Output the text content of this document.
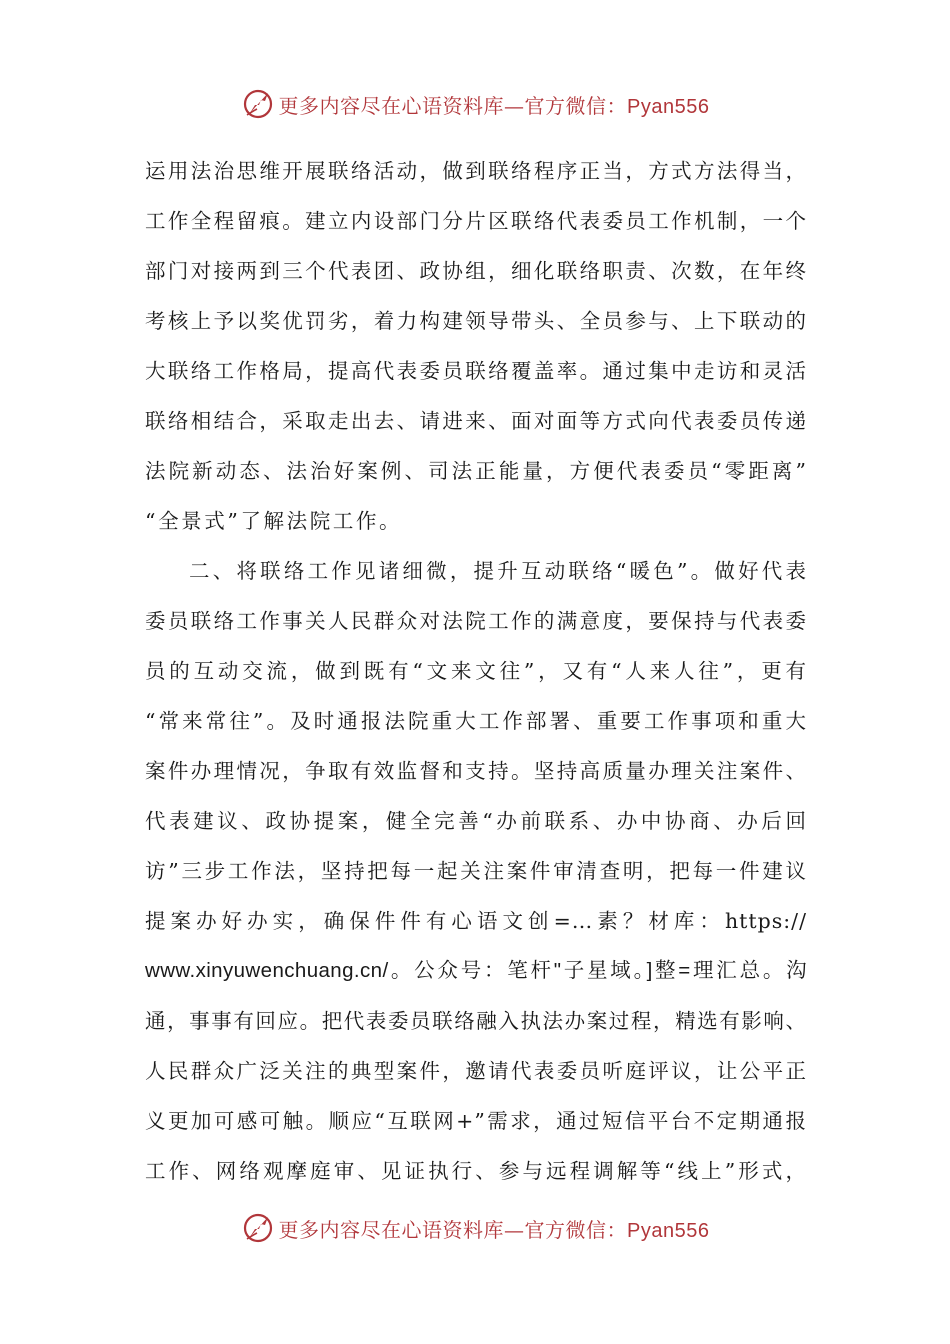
更多内容尽在心语资料库—官方微信：Pyan556
运用法治思维开展联络活动，做到联络程序正当，方式方法得当，
工作全程留痕。建立内设部门分片区联络代表委员工作机制，一个
部门对接两到三个代表团、政协组，细化联络职责、次数，在年终
考核上予以奖优罚劣，着力构建领导带头、全员参与、上下联动的
大联络工作格局，提高代表委员联络覆盖率。通过集中走访和灵活
联络相结合，采取走出去、请进来、面对面等方式向代表委员传递
法院新动态、法治好案例、司法正能量，方便代表委员“零距离”
“全景式”了解法院工作。
二、将联络工作见诸细微，提升互动联络“暖色”。做好代表
委员联络工作事关人民群众对法院工作的满意度，要保持与代表委
员的互动交流，做到既有“文来文往”，又有“人来人往”，更有
“常来常往”。及时通报法院重大工作部署、重要工作事项和重大
案件办理情况，争取有效监督和支持。坚持高质量办理关注案件、
代表建议、政协提案，健全完善“办前联系、办中协商、办后回
访”三步工作法，坚持把每一起关注案件审清查明，把每一件建议
提案办好办实，确保件件有心语文创=…素？材库：https://
www.xinyuwenchuang.cn/。公众号：笔杆"子星域。]整=理汇总。沟
通，事事有回应。把代表委员联络融入执法办案过程，精选有影响、
人民群众广泛关注的典型案件，邀请代表委员听庭评议，让公平正
义更加可感可触。顺应“互联网+”需求，通过短信平台不定期通报
工作、网络观摩庭审、见证执行、参与远程调解等“线上”形式，
更多内容尽在心语资料库—官方微信：Pyan556
